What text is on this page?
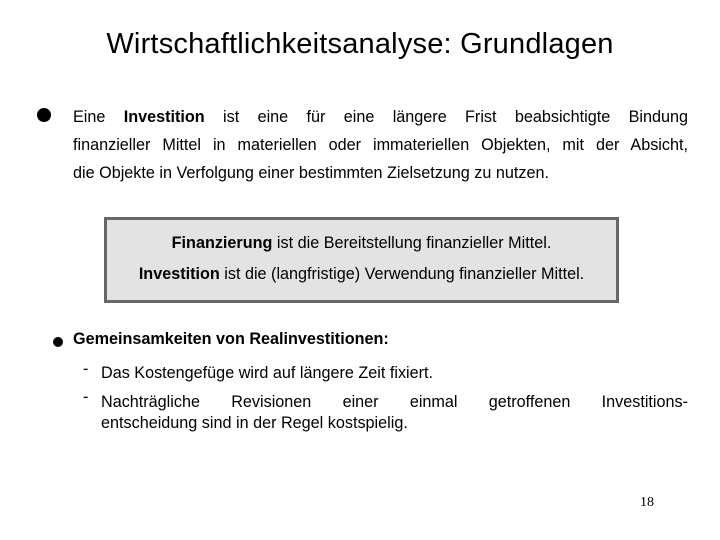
Wirtschaftlichkeitsanalyse: Grundlagen
Eine Investition ist eine für eine längere Frist beabsichtigte Bindung
finanzieller Mittel in materiellen oder immateriellen Objekten, mit der Absicht,
die Objekte in Verfolgung einer bestimmten Zielsetzung zu nutzen.
Finanzierung ist die Bereitstellung finanzieller Mittel.
Investition ist die (langfristige) Verwendung finanzieller Mittel.
Gemeinsamkeiten von Realinvestitionen:
- Das Kostengefüge wird auf längere Zeit fixiert.
- Nachträgliche Revisionen einer einmal getroffenen Investitions-
entscheidung sind in der Regel kostspielig.
18
